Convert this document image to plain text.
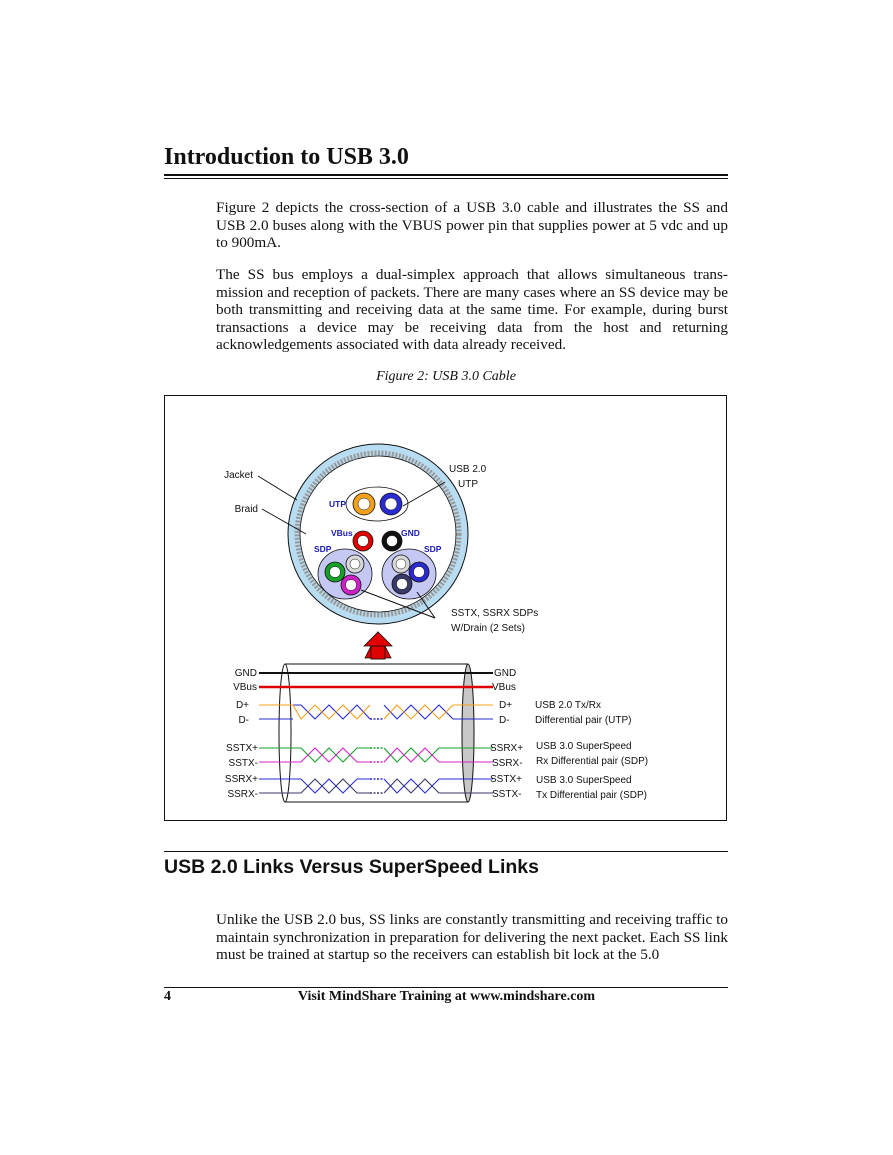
Introduction to USB 3.0

Figure 2 depicts the cross-section of a USB 3.0 cable and illustrates the SS and USB 2.0 buses along with the VBUS power pin that supplies power at 5 vdc and up to 900mA.

The SS bus employs a dual-simplex approach that allows simultaneous trans-mission and reception of packets. There are many cases where an SS device may be both transmitting and receiving data at the same time. For example, during burst transactions a device may be receiving data from the host and returning acknowledgements associated with data already received.

Figure 2: USB 3.0 Cable

Jacket
Braid
USB 2.0
UTP
UTP
VBus	GND
SDP	SDP
SSTX, SSRX SDPs
W/Drain (2 Sets)
GND
VBus
D+
D-
SSTX+
SSTX-
SSRX+
SSRX-
GND
VBus
D+
D-
SSRX+
SSRX-
SSTX+
SSTX-
USB 2.0 Tx/Rx
Differential pair (UTP)
USB 3.0 SuperSpeed
Rx Differential pair (SDP)
USB 3.0 SuperSpeed
Tx Differential pair (SDP)
USB 2.0 Links Versus SuperSpeed Links

Unlike the USB 2.0 bus, SS links are constantly transmitting and receiving traffic to maintain synchronization in preparation for delivering the next packet. Each SS link must be trained at startup so the receivers can establish bit lock at the 5.0

4	Visit MindShare Training at www.mindshare.com
